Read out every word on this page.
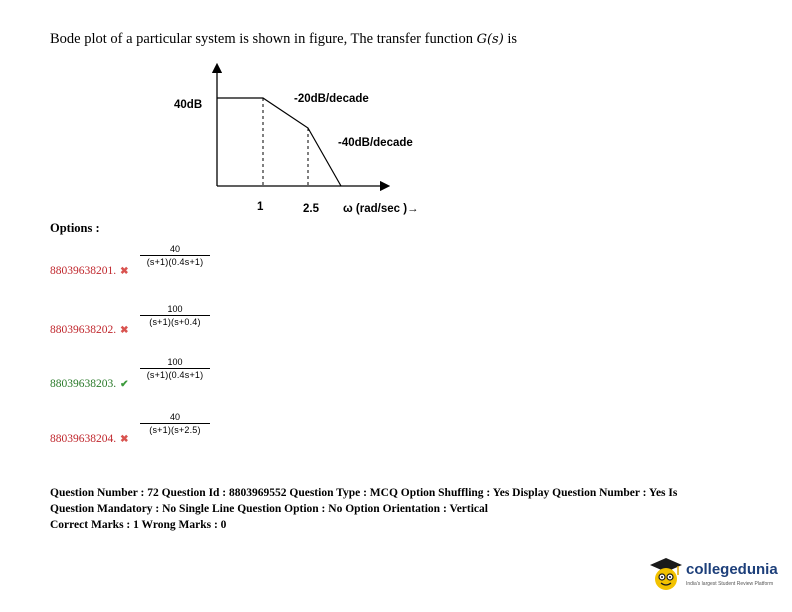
Bode plot of a particular system is shown in figure, The transfer function G(s) is
40dB	-20dB/decade
-40dB/decade
1	2.5 ω (rad/sec )→
Options :
40
(s+1)(0.4s+1)
88039638201. ✖
100
(s+1)(s+0.4)
88039638202. ✖
100
(s+1)(0.4s+1)
88039638203. ✔
40
(s+1)(s+2.5)
88039638204. ✖
Question Number : 72 Question Id : 8803969552 Question Type : MCQ Option Shuffling : Yes Display Question Number : Yes Is
Question Mandatory : No Single Line Question Option : No Option Orientation : Vertical
Correct Marks : 1 Wrong Marks : 0
collegedunia
India's largest Student Review Platform
